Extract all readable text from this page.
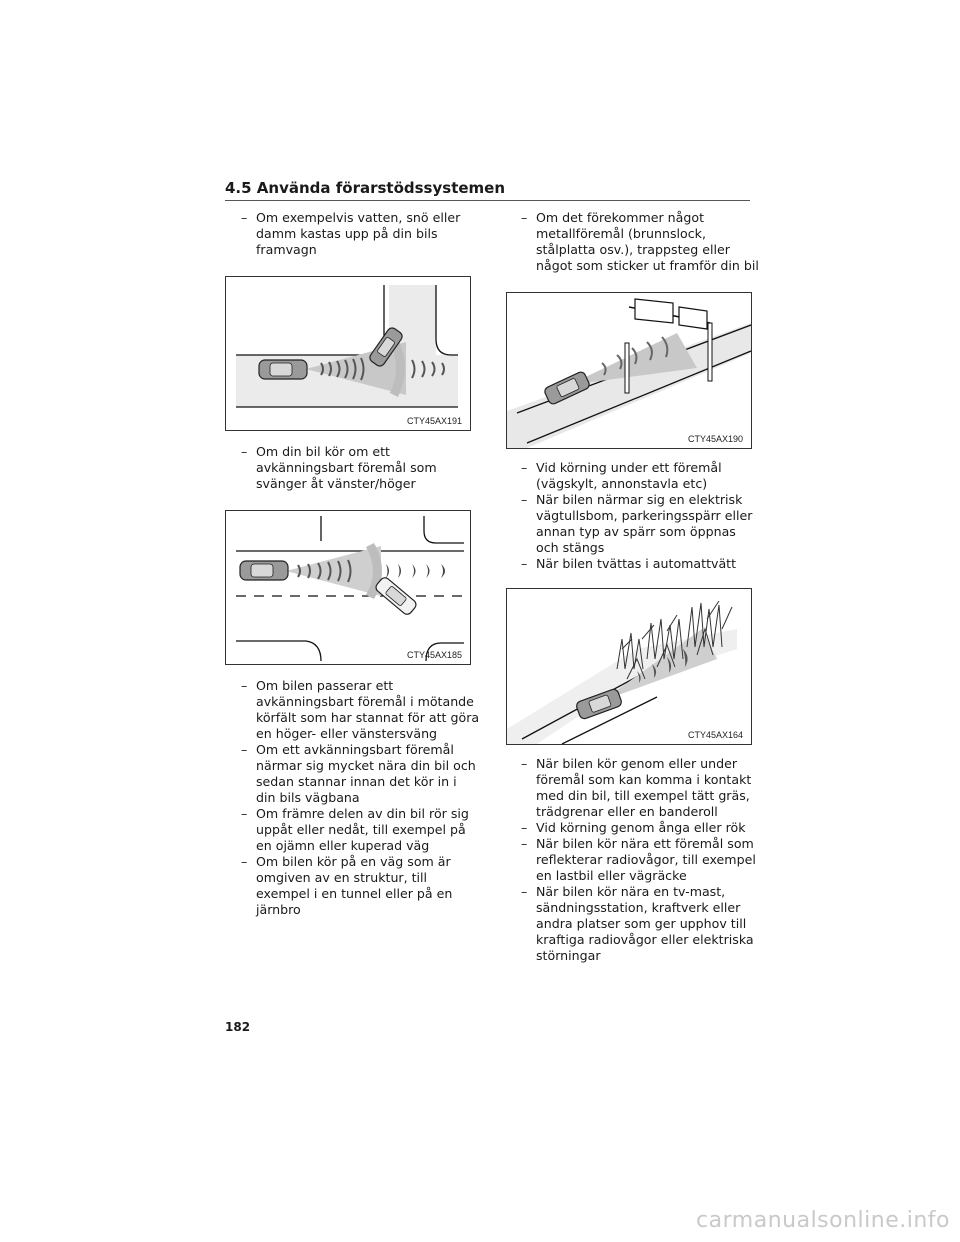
4.5 Använda förarstödssystemen
– Om exempelvis vatten, snö eller damm kastas upp på din bils framvagn
CTY45AX191
– Om din bil kör om ett avkänningsbart föremål som svänger åt vänster/höger
CTY45AX185
– Om bilen passerar ett avkänningsbart föremål i mötande körfält som har stannat för att göra en höger- eller vänstersväng
– Om ett avkänningsbart föremål närmar sig mycket nära din bil och sedan stannar innan det kör in i din bils vägbana
– Om främre delen av din bil rör sig uppåt eller nedåt, till exempel på en ojämn eller kuperad väg
– Om bilen kör på en väg som är omgiven av en struktur, till exempel i en tunnel eller på en järnbro
– Om det förekommer något metallföremål (brunnslock, stålplatta osv.), trappsteg eller något som sticker ut framför din bil
CTY45AX190
– Vid körning under ett föremål (vägskylt, annonstavla etc)
– När bilen närmar sig en elektrisk vägtullsbom, parkeringsspärr eller annan typ av spärr som öppnas och stängs
– När bilen tvättas i automattvätt
CTY45AX164
– När bilen kör genom eller under föremål som kan komma i kontakt med din bil, till exempel tätt gräs, trädgrenar eller en banderoll
– Vid körning genom ånga eller rök
– När bilen kör nära ett föremål som reflekterar radiovågor, till exempel en lastbil eller vägräcke
– När bilen kör nära en tv-mast, sändningsstation, kraftverk eller andra platser som ger upphov till kraftiga radiovågor eller elektriska störningar
182
carmanualsonline.info
